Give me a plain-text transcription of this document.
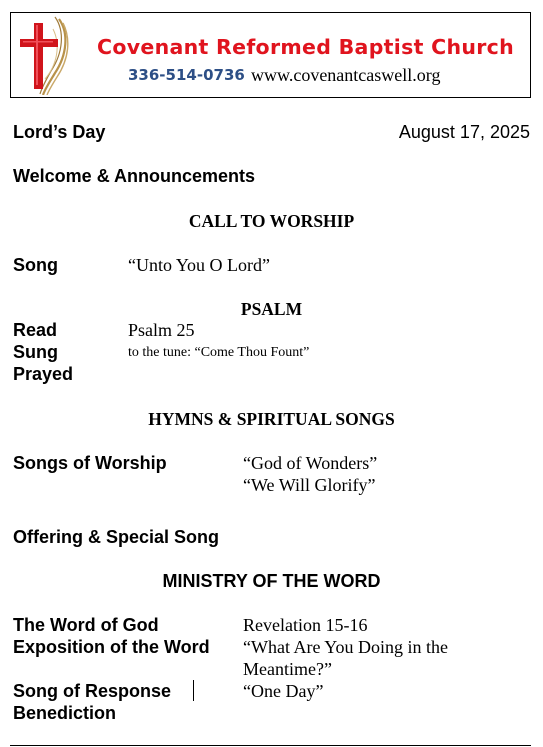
Covenant Reformed Baptist Church
336-514-0736 www.covenantcaswell.org
Lord’s Day	August 17, 2025
Welcome & Announcements
CALL TO WORSHIP
Song	“Unto You O Lord”
PSALM
Read	Psalm 25
Sung	to the tune: “Come Thou Fount”
Prayed
HYMNS & SPIRITUAL SONGS
Songs of Worship	“God of Wonders”
“We Will Glorify”
Offering & Special Song
MINISTRY OF THE WORD
The Word of God	Revelation 15-16
Exposition of the Word “What Are You Doing in the
Meantime?”
Song of Response	“One Day”
Benediction
